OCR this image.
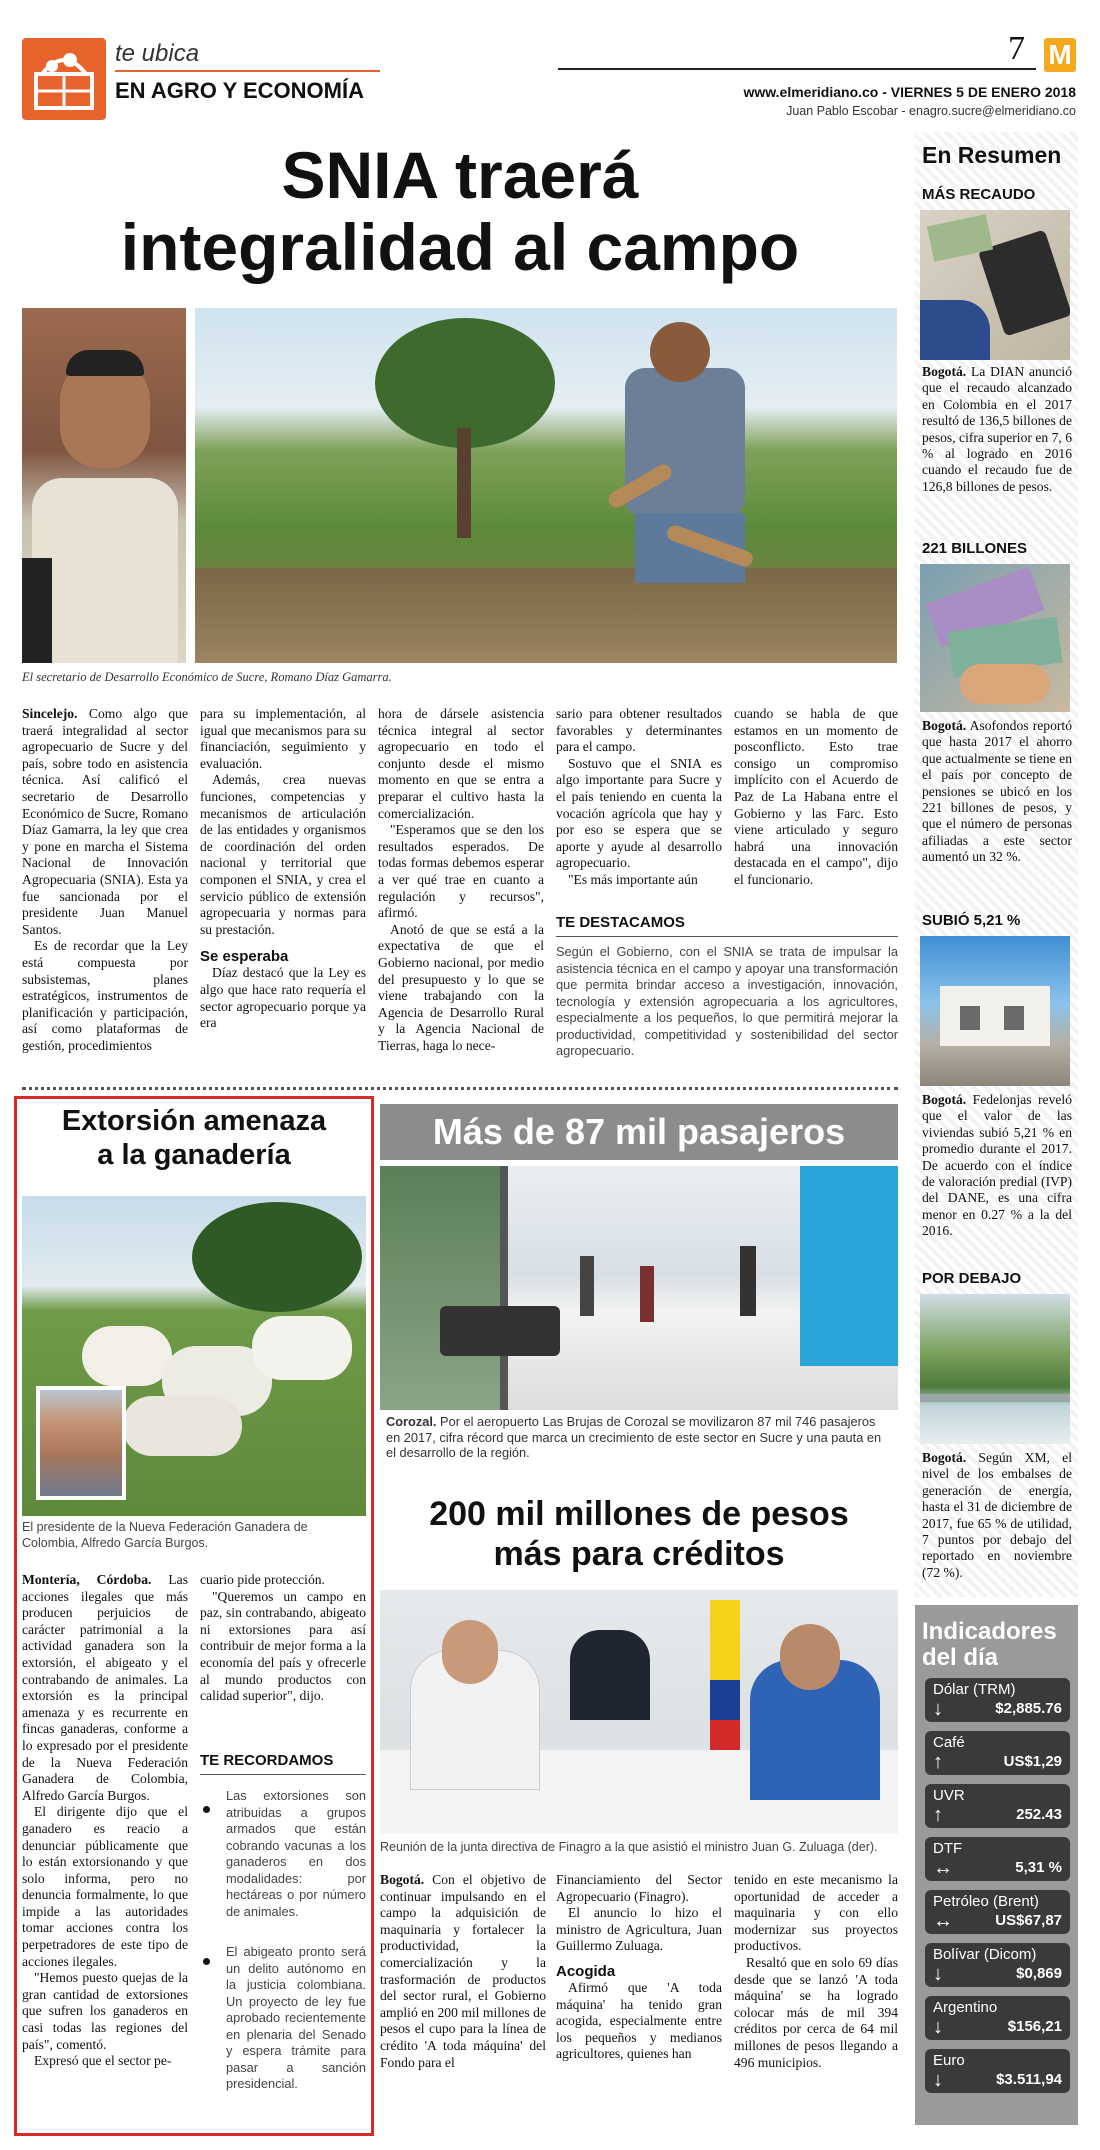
te ubica
EN AGRO Y ECONOMÍA
7 M
www.elmeridiano.co - VIERNES 5 DE ENERO 2018
Juan Pablo Escobar - enagro.sucre@elmeridiano.co
SNIA traerá
integralidad al campo
El secretario de Desarrollo Económico de Sucre, Romano Díaz Gamarra.

Sincelejo. Como algo que traerá integralidad al sector agropecuario de Sucre y del país, sobre todo en asistencia técnica. Así calificó el secretario de Desarrollo Económico de Sucre, Romano Díaz Gamarra, la ley que crea y pone en marcha el Sistema Nacional de Innovación Agropecuaria (SNIA). Esta ya fue sancionada por el presidente Juan Manuel Santos.

Es de recordar que la Ley está compuesta por subsistemas, planes estratégicos, instrumentos de planificación y participación, así como plataformas de gestión, procedimientos

para su implementación, al igual que mecanismos para su financiación, seguimiento y evaluación.

Además, crea nuevas funciones, competencias y mecanismos de articulación de las entidades y organismos de coordinación del orden nacional y territorial que componen el SNIA, y crea el servicio público de extensión agropecuaria y normas para su prestación.

Se esperaba

Díaz destacó que la Ley es algo que hace rato requería el sector agropecuario porque ya era

hora de dársele asistencia técnica integral al sector agropecuario en todo el conjunto desde el mismo momento en que se entra a preparar el cultivo hasta la comercialización.

"Esperamos que se den los resultados esperados. De todas formas debemos esperar a ver qué trae en cuanto a regulación y recursos", afirmó.

Anotó de que se está a la expectativa de que el Gobierno nacional, por medio del presupuesto y lo que se viene trabajando con la Agencia de Desarrollo Rural y la Agencia Nacional de Tierras, haga lo nece-

sario para obtener resultados favorables y determinantes para el campo.

Sostuvo que el SNIA es algo importante para Sucre y el país teniendo en cuenta la vocación agrícola que hay y por eso se espera que se aporte y ayude al desarrollo agropecuario.

"Es más importante aún

cuando se habla de que estamos en un momento de posconflicto. Esto trae consigo un compromiso implícito con el Acuerdo de Paz de La Habana entre el Gobierno y las Farc. Esto viene articulado y seguro habrá una innovación destacada en el campo", dijo el funcionario.

TE DESTACAMOS
Según el Gobierno, con el SNIA se trata de impulsar la asistencia técnica en el campo y apoyar una transformación que permita brindar acceso a investigación, innovación, tecnología y extensión agropecuaria a los agricultores, especialmente a los pequeños, lo que permitirá mejorar la productividad, competitividad y sostenibilidad del sector agropecuario.
En Resumen
MÁS RECAUDO

Bogotá. La DIAN anunció que el recaudo alcanzado en Colombia en el 2017 resultó de 136,5 billones de pesos, cifra superior en 7, 6 % al logrado en 2016 cuando el recaudo fue de 126,8 billones de pesos.

221 BILLONES

Bogotá. Asofondos reportó que hasta 2017 el ahorro que actualmente se tiene en el país por concepto de pensiones se ubicó en los 221 billones de pesos, y que el número de personas afiliadas a este sector aumentó un 32 %.

SUBIÓ 5,21 %

Bogotá. Fedelonjas reveló que el valor de las viviendas subió 5,21 % en promedio durante el 2017. De acuerdo con el índice de valoración predial (IVP) del DANE, es una cifra menor en 0.27 % a la del 2016.

POR DEBAJO

Bogotá. Según XM, el nivel de los embalses de generación de energía, hasta el 31 de diciembre de 2017, fue 65 % de utilidad, 7 puntos por debajo del reportado en noviembre (72 %).

Indicadores
del día
Dólar (TRM)
↓	$2,885.76
Café
↑	US$1,29
UVR
↑	252.43
DTF
↔	5,31 %
Petróleo (Brent)
↔	US$67,87
Bolívar (Dicom)
↓	$0,869
Argentino
↓	$156,21
Euro
↓	$3.511,94
Extorsión amenaza
a la ganadería
El presidente de la Nueva Federación Ganadera de Colombia, Alfredo García Burgos.

Montería, Córdoba. Las acciones ilegales que más producen perjuicios de carácter patrimonial a la actividad ganadera son la extorsión, el abigeato y el contrabando de animales. La extorsión es la principal amenaza y es recurrente en fincas ganaderas, conforme a lo expresado por el presidente de la Nueva Federación Ganadera de Colombia, Alfredo García Burgos.

El dirigente dijo que el ganadero es reacio a denunciar públicamente que lo están extorsionando y que solo informa, pero no denuncia formalmente, lo que impide a las autoridades tomar acciones contra los perpetradores de este tipo de acciones ilegales.

"Hemos puesto quejas de la gran cantidad de extorsiones que sufren los ganaderos en casi todas las regiones del país", comentó.

Expresó que el sector pe-

cuario pide protección.

"Queremos un campo en paz, sin contrabando, abigeato ni extorsiones para así contribuir de mejor forma a la economía del país y ofrecerle al mundo productos con calidad superior", dijo.

TE RECORDAMOS
Las extorsiones son atribuidas a grupos armados que están cobrando vacunas a los ganaderos en dos modalidades: por hectáreas o por número de animales.
El abigeato pronto será un delito autónomo en la justicia colombiana. Un proyecto de ley fue aprobado recientemente en plenaria del Senado y espera trámite para pasar a sanción presidencial.
Más de 87 mil pasajeros
Corozal. Por el aeropuerto Las Brujas de Corozal se movilizaron 87 mil 746 pasajeros en 2017, cifra récord que marca un crecimiento de este sector en Sucre y una pauta en el desarrollo de la región.
200 mil millones de pesos
más para créditos
Reunión de la junta directiva de Finagro a la que asistió el ministro Juan G. Zuluaga (der).

Bogotá. Con el objetivo de continuar impulsando en el campo la adquisición de maquinaria y fortalecer la productividad, la comercialización y la trasformación de productos del sector rural, el Gobierno amplió en 200 mil millones de pesos el cupo para la línea de crédito 'A toda máquina' del Fondo para el

Financiamiento del Sector Agropecuario (Finagro).

El anuncio lo hizo el ministro de Agricultura, Juan Guillermo Zuluaga.

Acogida

Afirmó que 'A toda máquina' ha tenido gran acogida, especialmente entre los pequeños y medianos agricultores, quienes han

tenido en este mecanismo la oportunidad de acceder a maquinaria y con ello modernizar sus proyectos productivos.

Resaltó que en solo 69 días desde que se lanzó 'A toda máquina' se ha logrado colocar más de mil 394 créditos por cerca de 64 mil millones de pesos llegando a 496 municipios.
